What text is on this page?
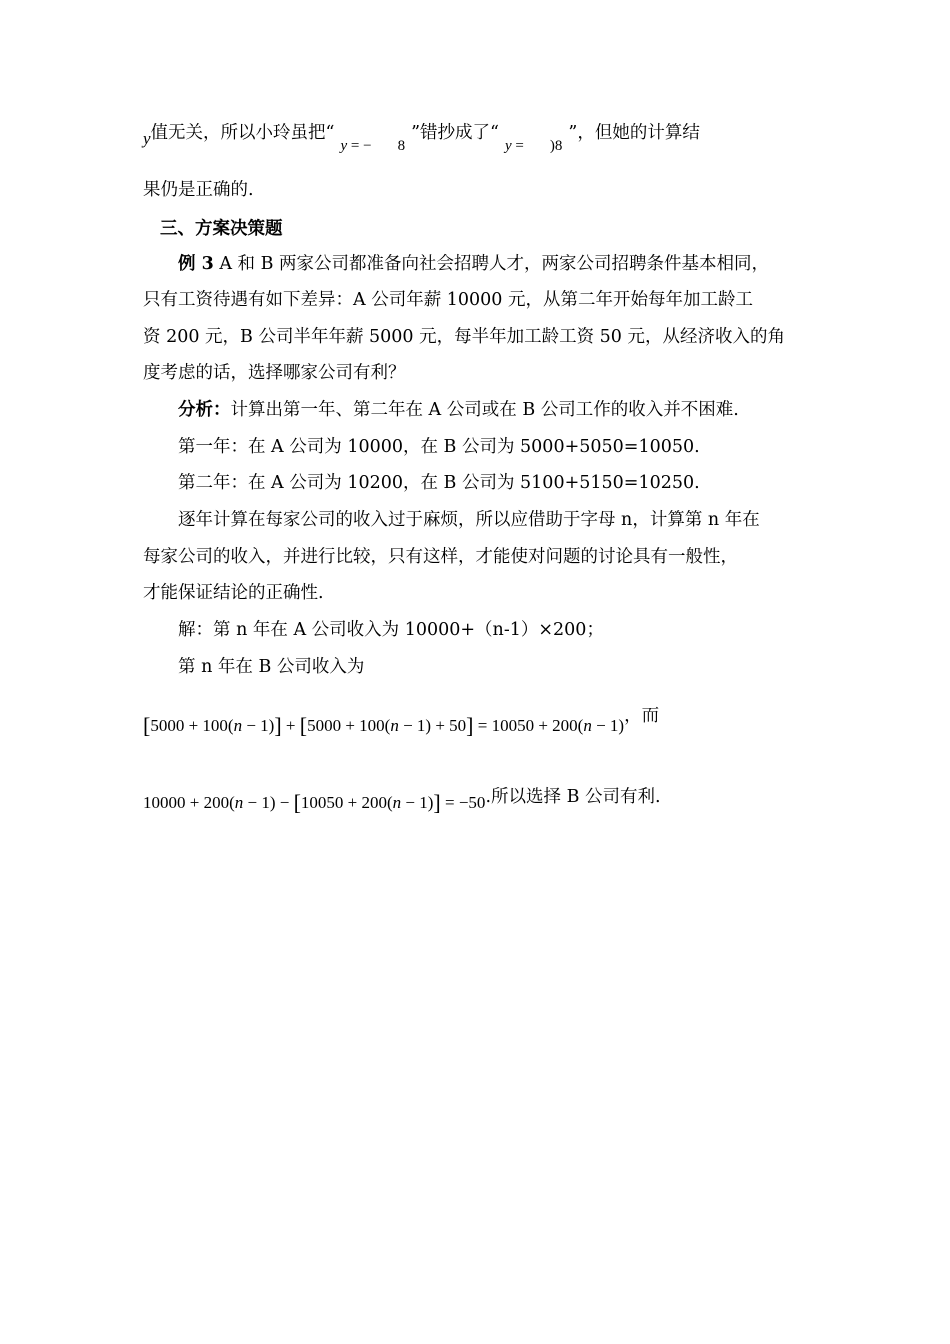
y值无关，所以小玲虽把“y = − 8”错抄成了“y = )8”，但她的计算结
果仍是正确的.
三、方案决策题
例 3 A 和 B 两家公司都准备向社会招聘人才，两家公司招聘条件基本相同，
只有工资待遇有如下差异：A 公司年薪 10000 元，从第二年开始每年加工龄工
资 200 元，B 公司半年年薪 5000 元，每半年加工龄工资 50 元，从经济收入的角
度考虑的话，选择哪家公司有利？
分析：计算出第一年、第二年在 A 公司或在 B 公司工作的收入并不困难.
第一年：在 A 公司为 10000，在 B 公司为 5000+5050=10050.
第二年：在 A 公司为 10200，在 B 公司为 5100+5150=10250.
逐年计算在每家公司的收入过于麻烦，所以应借助于字母 n，计算第 n 年在
每家公司的收入，并进行比较，只有这样，才能使对问题的讨论具有一般性，
才能保证结论的正确性.
解：第 n 年在 A 公司收入为 10000+（n-1）×200；
第 n 年在 B 公司收入为
[5000 + 100(n − 1)] + [5000 + 100(n − 1) + 50] = 10050 + 200(n − 1)，而
10000 + 200(n − 1) − [10050 + 200(n − 1)] = −50.所以选择 B 公司有利.
